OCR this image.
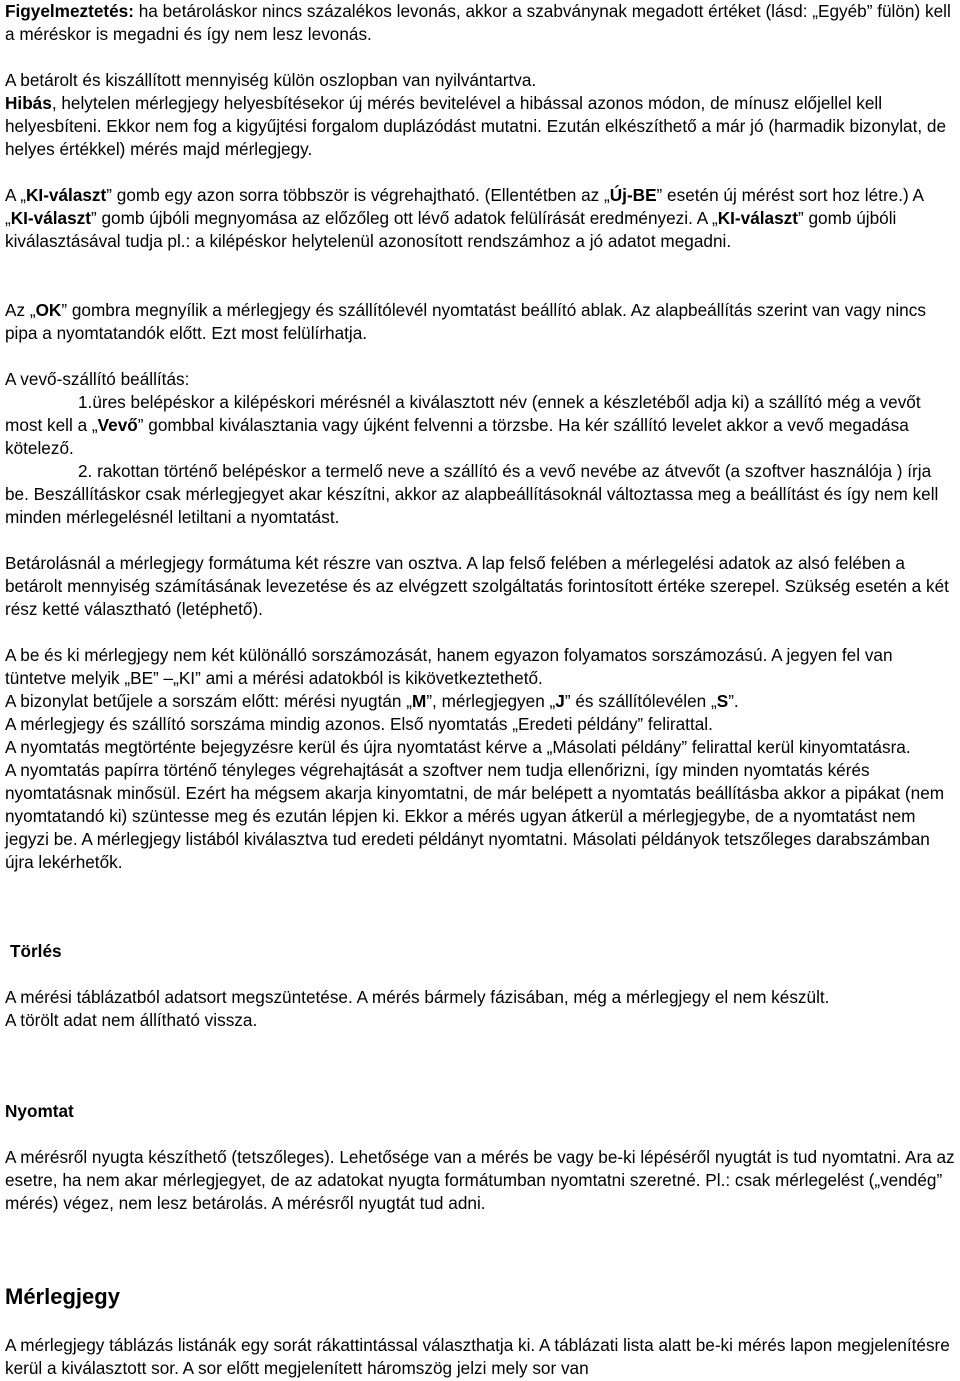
Figyelmeztetés: ha betároláskor nincs százalékos levonás, akkor a szabványnak megadott értéket (lásd: „Egyéb” fülön) kell a méréskor is megadni és így nem lesz levonás.

A betárolt és kiszállított mennyiség külön oszlopban van nyilvántartva.

Hibás, helytelen mérlegjegy helyesbítésekor új mérés bevitelével a hibással azonos módon, de mínusz előjellel kell helyesbíteni. Ekkor nem fog a kigyűjtési forgalom duplázódást mutatni. Ezután elkészíthető a már jó (harmadik bizonylat, de helyes értékkel) mérés majd mérlegjegy.

A „KI-választ” gomb egy azon sorra többször is végrehajtható. (Ellentétben az „Új-BE” esetén új mérést sort hoz létre.) A „KI-választ” gomb újbóli megnyomása az előzőleg ott lévő adatok felülírását eredményezi. A „KI-választ” gomb újbóli kiválasztásával tudja pl.: a kilépéskor helytelenül azonosított rendszámhoz a jó adatot megadni.

Az „OK” gombra megnyílik a mérlegjegy és szállítólevél nyomtatást beállító ablak. Az alapbeállítás szerint van vagy nincs pipa a nyomtatandók előtt. Ezt most felülírhatja.

A vevő-szállító beállítás:

1.üres belépéskor a kilépéskori mérésnél a kiválasztott név (ennek a készletéből adja ki) a szállító még a vevőt most kell a „Vevő” gombbal kiválasztania vagy újként felvenni a törzsbe. Ha kér szállító levelet akkor a vevő megadása kötelező.

2. rakottan történő belépéskor a termelő neve a szállító és a vevő nevébe az átvevőt (a szoftver használója ) írja be. Beszállításkor csak mérlegjegyet akar készítni, akkor az alapbeállításoknál változtassa meg a beállítást és így nem kell minden mérlegelésnél letiltani a nyomtatást.

Betárolásnál a mérlegjegy formátuma két részre van osztva. A lap felső felében a mérlegelési adatok az alsó felében a betárolt mennyiség számításának levezetése és az elvégzett szolgáltatás forintosított értéke szerepel. Szükség esetén a két rész ketté választható (letéphető).

A be és ki mérlegjegy nem két különálló sorszámozását, hanem egyazon folyamatos sorszámozású. A jegyen fel van tüntetve melyik „BE” –„KI” ami a mérési adatokból is kikövetkeztethető.

A bizonylat betűjele a sorszám előtt: mérési nyugtán „M”, mérlegjegyen „J” és szállítólevélen „S”.

A mérlegjegy és szállító sorszáma mindig azonos. Első nyomtatás „Eredeti példány” felirattal.

A nyomtatás megtörténte bejegyzésre kerül és újra nyomtatást kérve a „Másolati példány” felirattal kerül kinyomtatásra.

A nyomtatás papírra történő tényleges végrehajtását a szoftver nem tudja ellenőrizni, így minden nyomtatás kérés nyomtatásnak minősül. Ezért ha mégsem akarja kinyomtatni, de már belépett a nyomtatás beállításba akkor a pipákat (nem nyomtatandó ki) szüntesse meg és ezután lépjen ki. Ekkor a mérés ugyan átkerül a mérlegjegybe, de a nyomtatást nem jegyzi be. A mérlegjegy listából kiválasztva tud eredeti példányt nyomtatni. Másolati példányok tetszőleges darabszámban újra lekérhetők.

Törlés

A mérési táblázatból adatsort megszüntetése. A mérés bármely fázisában, még a mérlegjegy el nem készült.

A törölt adat nem állítható vissza.

Nyomtat

A mérésről nyugta készíthető (tetszőleges). Lehetősége van a mérés be vagy be-ki lépéséről nyugtát is tud nyomtatni. Ara az esetre, ha nem akar mérlegjegyet, de az adatokat nyugta formátumban nyomtatni szeretné. Pl.: csak mérlegelést („vendég” mérés) végez, nem lesz betárolás. A mérésről nyugtát tud adni.

Mérlegjegy

A mérlegjegy táblázás listánák egy sorát rákattintással választhatja ki. A táblázati lista alatt be-ki mérés lapon megjelenítésre kerül a kiválasztott sor. A sor előtt megjelenített háromszög jelzi mely sor van
